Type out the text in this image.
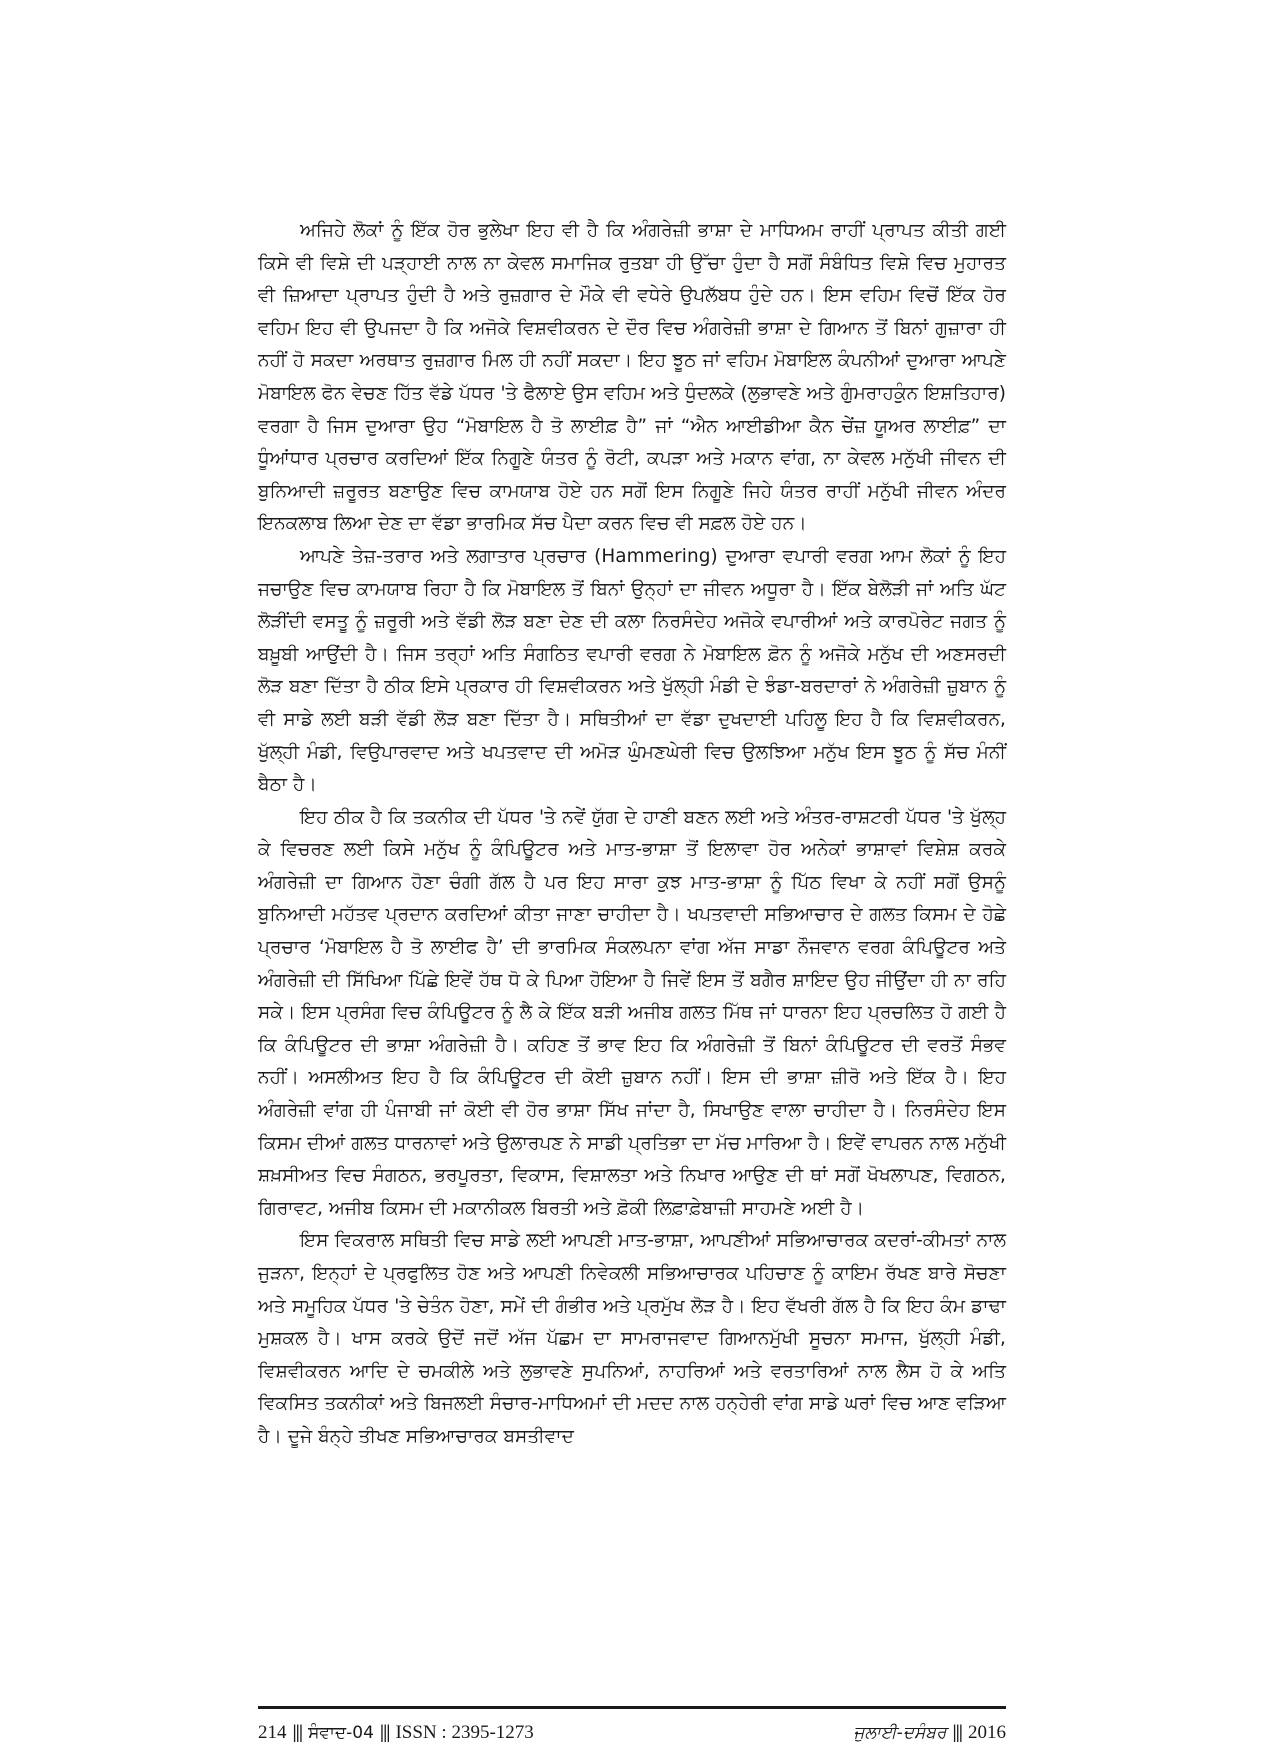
ਅਜਿਹੇ ਲੋਕਾਂ ਨੂੰ ਇੱਕ ਹੋਰ ਭੁਲੇਖਾ ਇਹ ਵੀ ਹੈ ਕਿ ਅੰਗਰੇਜ਼ੀ ਭਾਸ਼ਾ ਦੇ ਮਾਧਿਅਮ ਰਾਹੀਂ ਪ੍ਰਾਪਤ ਕੀਤੀ ਗਈ ਕਿਸੇ ਵੀ ਵਿਸ਼ੇ ਦੀ ਪੜ੍ਹਾਈ ਨਾਲ ਨਾ ਕੇਵਲ ਸਮਾਜਿਕ ਰੁਤਬਾ ਹੀ ਉੱਚਾ ਹੁੰਦਾ ਹੈ ਸਗੋਂ ਸੰਬੰਧਿਤ ਵਿਸ਼ੇ ਵਿਚ ਮੁਹਾਰਤ ਵੀ ਜ਼ਿਆਦਾ ਪ੍ਰਾਪਤ ਹੁੰਦੀ ਹੈ ਅਤੇ ਰੁਜ਼ਗਾਰ ਦੇ ਮੌਕੇ ਵੀ ਵਧੇਰੇ ਉਪਲੱਬਧ ਹੁੰਦੇ ਹਨ। ਇਸ ਵਹਿਮ ਵਿਚੋਂ ਇੱਕ ਹੋਰ ਵਹਿਮ ਇਹ ਵੀ ਉਪਜਦਾ ਹੈ ਕਿ ਅਜੋਕੇ ਵਿਸ਼ਵੀਕਰਨ ਦੇ ਦੌਰ ਵਿਚ ਅੰਗਰੇਜ਼ੀ ਭਾਸ਼ਾ ਦੇ ਗਿਆਨ ਤੋਂ ਬਿਨਾਂ ਗੁਜ਼ਾਰਾ ਹੀ ਨਹੀਂ ਹੋ ਸਕਦਾ ਅਰਥਾਤ ਰੁਜ਼ਗਾਰ ਮਿਲ ਹੀ ਨਹੀਂ ਸਕਦਾ। ਇਹ ਝੂਠ ਜਾਂ ਵਹਿਮ ਮੋਬਾਇਲ ਕੰਪਨੀਆਂ ਦੁਆਰਾ ਆਪਣੇ ਮੋਬਾਇਲ ਫੋਨ ਵੇਚਣ ਹਿੱਤ ਵੱਡੇ ਪੱਧਰ 'ਤੇ ਫੈਲਾਏ ਉਸ ਵਹਿਮ ਅਤੇ ਧੁੰਦਲਕੇ (ਲੁਭਾਵਣੇ ਅਤੇ ਗੁੰਮਰਾਹਕੁੰਨ ਇਸ਼ਤਿਹਾਰ) ਵਰਗਾ ਹੈ ਜਿਸ ਦੁਆਰਾ ਉਹ “ਮੋਬਾਇਲ ਹੈ ਤੋ ਲਾਈਫ਼ ਹੈ” ਜਾਂ “ਐਨ ਆਈਡੀਆ ਕੈਨ ਚੇਂਜ਼ ਯੂਅਰ ਲਾਈਫ਼” ਦਾ ਧੂੰਆਂਧਾਰ ਪ੍ਰਚਾਰ ਕਰਦਿਆਂ ਇੱਕ ਨਿਗੂਣੇ ਯੰਤਰ ਨੂੰ ਰੋਟੀ, ਕਪੜਾ ਅਤੇ ਮਕਾਨ ਵਾਂਗ, ਨਾ ਕੇਵਲ ਮਨੁੱਖੀ ਜੀਵਨ ਦੀ ਬੁਨਿਆਦੀ ਜ਼ਰੂਰਤ ਬਣਾਉਣ ਵਿਚ ਕਾਮਯਾਬ ਹੋਏ ਹਨ ਸਗੋਂ ਇਸ ਨਿਗੂਣੇ ਜਿਹੇ ਯੰਤਰ ਰਾਹੀਂ ਮਨੁੱਖੀ ਜੀਵਨ ਅੰਦਰ ਇਨਕਲਾਬ ਲਿਆ ਦੇਣ ਦਾ ਵੱਡਾ ਭਾਰਮਿਕ ਸੱਚ ਪੈਦਾ ਕਰਨ ਵਿਚ ਵੀ ਸਫ਼ਲ ਹੋਏ ਹਨ।

ਆਪਣੇ ਤੇਜ਼-ਤਰਾਰ ਅਤੇ ਲਗਾਤਾਰ ਪ੍ਰਚਾਰ (Hammering) ਦੁਆਰਾ ਵਪਾਰੀ ਵਰਗ ਆਮ ਲੋਕਾਂ ਨੂੰ ਇਹ ਜਚਾਉਣ ਵਿਚ ਕਾਮਯਾਬ ਰਿਹਾ ਹੈ ਕਿ ਮੋਬਾਇਲ ਤੋਂ ਬਿਨਾਂ ਉਨ੍ਹਾਂ ਦਾ ਜੀਵਨ ਅਧੂਰਾ ਹੈ। ਇੱਕ ਬੇਲੋੜੀ ਜਾਂ ਅਤਿ ਘੱਟ ਲੋੜੀਂਦੀ ਵਸਤੂ ਨੂੰ ਜ਼ਰੂਰੀ ਅਤੇ ਵੱਡੀ ਲੋੜ ਬਣਾ ਦੇਣ ਦੀ ਕਲਾ ਨਿਰਸੰਦੇਹ ਅਜੋਕੇ ਵਪਾਰੀਆਂ ਅਤੇ ਕਾਰਪੋਰੇਟ ਜਗਤ ਨੂੰ ਬਖ਼ੂਬੀ ਆਉਂਦੀ ਹੈ। ਜਿਸ ਤਰ੍ਹਾਂ ਅਤਿ ਸੰਗਠਿਤ ਵਪਾਰੀ ਵਰਗ ਨੇ ਮੋਬਾਇਲ ਫ਼ੋਨ ਨੂੰ ਅਜੋਕੇ ਮਨੁੱਖ ਦੀ ਅਣਸਰਦੀ ਲੋੜ ਬਣਾ ਦਿੱਤਾ ਹੈ ਠੀਕ ਇਸੇ ਪ੍ਰਕਾਰ ਹੀ ਵਿਸ਼ਵੀਕਰਨ ਅਤੇ ਖੁੱਲ੍ਹੀ ਮੰਡੀ ਦੇ ਝੰਡਾ-ਬਰਦਾਰਾਂ ਨੇ ਅੰਗਰੇਜ਼ੀ ਜ਼ੁਬਾਨ ਨੂੰ ਵੀ ਸਾਡੇ ਲਈ ਬੜੀ ਵੱਡੀ ਲੋੜ ਬਣਾ ਦਿੱਤਾ ਹੈ। ਸਥਿਤੀਆਂ ਦਾ ਵੱਡਾ ਦੁਖਦਾਈ ਪਹਿਲੂ ਇਹ ਹੈ ਕਿ ਵਿਸ਼ਵੀਕਰਨ, ਖੁੱਲ੍ਹੀ ਮੰਡੀ, ਵਿਉਪਾਰਵਾਦ ਅਤੇ ਖਪਤਵਾਦ ਦੀ ਅਮੋੜ ਘੁੰਮਣਘੇਰੀ ਵਿਚ ਉਲਝਿਆ ਮਨੁੱਖ ਇਸ ਝੂਠ ਨੂੰ ਸੱਚ ਮੰਨੀਂ ਬੈਠਾ ਹੈ।

ਇਹ ਠੀਕ ਹੈ ਕਿ ਤਕਨੀਕ ਦੀ ਪੱਧਰ 'ਤੇ ਨਵੇਂ ਯੁੱਗ ਦੇ ਹਾਣੀ ਬਣਨ ਲਈ ਅਤੇ ਅੰਤਰ-ਰਾਸ਼ਟਰੀ ਪੱਧਰ 'ਤੇ ਖੁੱਲ੍ਹ ਕੇ ਵਿਚਰਣ ਲਈ ਕਿਸੇ ਮਨੁੱਖ ਨੂੰ ਕੰਪਿਊਟਰ ਅਤੇ ਮਾਤ-ਭਾਸ਼ਾ ਤੋਂ ਇਲਾਵਾ ਹੋਰ ਅਨੇਕਾਂ ਭਾਸ਼ਾਵਾਂ ਵਿਸ਼ੇਸ਼ ਕਰਕੇ ਅੰਗਰੇਜ਼ੀ ਦਾ ਗਿਆਨ ਹੋਣਾ ਚੰਗੀ ਗੱਲ ਹੈ ਪਰ ਇਹ ਸਾਰਾ ਕੁਝ ਮਾਤ-ਭਾਸ਼ਾ ਨੂੰ ਪਿੱਠ ਵਿਖਾ ਕੇ ਨਹੀਂ ਸਗੋਂ ਉਸਨੂੰ ਬੁਨਿਆਦੀ ਮਹੱਤਵ ਪ੍ਰਦਾਨ ਕਰਦਿਆਂ ਕੀਤਾ ਜਾਣਾ ਚਾਹੀਦਾ ਹੈ। ਖਪਤਵਾਦੀ ਸਭਿਆਚਾਰ ਦੇ ਗਲਤ ਕਿਸਮ ਦੇ ਹੋਛੇ ਪ੍ਰਚਾਰ ‘ਮੋਬਾਇਲ ਹੈ ਤੋ ਲਾਈਫ ਹੈ’ ਦੀ ਭਾਰਮਿਕ ਸੰਕਲਪਨਾ ਵਾਂਗ ਅੱਜ ਸਾਡਾ ਨੌਜਵਾਨ ਵਰਗ ਕੰਪਿਊਟਰ ਅਤੇ ਅੰਗਰੇਜ਼ੀ ਦੀ ਸਿੱਖਿਆ ਪਿੱਛੇ ਇਵੇਂ ਹੱਥ ਧੋ ਕੇ ਪਿਆ ਹੋਇਆ ਹੈ ਜਿਵੇਂ ਇਸ ਤੋਂ ਬਗੈਰ ਸ਼ਾਇਦ ਉਹ ਜੀਉਂਦਾ ਹੀ ਨਾ ਰਹਿ ਸਕੇ। ਇਸ ਪ੍ਰਸੰਗ ਵਿਚ ਕੰਪਿਊਟਰ ਨੂੰ ਲੈ ਕੇ ਇੱਕ ਬੜੀ ਅਜੀਬ ਗਲਤ ਮਿੱਥ ਜਾਂ ਧਾਰਨਾ ਇਹ ਪ੍ਰਚਲਿਤ ਹੋ ਗਈ ਹੈ ਕਿ ਕੰਪਿਊਟਰ ਦੀ ਭਾਸ਼ਾ ਅੰਗਰੇਜ਼ੀ ਹੈ। ਕਹਿਣ ਤੋਂ ਭਾਵ ਇਹ ਕਿ ਅੰਗਰੇਜ਼ੀ ਤੋਂ ਬਿਨਾਂ ਕੰਪਿਊਟਰ ਦੀ ਵਰਤੋਂ ਸੰਭਵ ਨਹੀਂ। ਅਸਲੀਅਤ ਇਹ ਹੈ ਕਿ ਕੰਪਿਊਟਰ ਦੀ ਕੋਈ ਜ਼ੁਬਾਨ ਨਹੀਂ। ਇਸ ਦੀ ਭਾਸ਼ਾ ਜ਼ੀਰੋ ਅਤੇ ਇੱਕ ਹੈ। ਇਹ ਅੰਗਰੇਜ਼ੀ ਵਾਂਗ ਹੀ ਪੰਜਾਬੀ ਜਾਂ ਕੋਈ ਵੀ ਹੋਰ ਭਾਸ਼ਾ ਸਿੱਖ ਜਾਂਦਾ ਹੈ, ਸਿਖਾਉਣ ਵਾਲਾ ਚਾਹੀਦਾ ਹੈ। ਨਿਰਸੰਦੇਹ ਇਸ ਕਿਸਮ ਦੀਆਂ ਗਲਤ ਧਾਰਨਾਵਾਂ ਅਤੇ ਉਲਾਰਪਣ ਨੇ ਸਾਡੀ ਪ੍ਰਤਿਭਾ ਦਾ ਮੱਚ ਮਾਰਿਆ ਹੈ। ਇਵੇਂ ਵਾਪਰਨ ਨਾਲ ਮਨੁੱਖੀ ਸ਼ਖ਼ਸੀਅਤ ਵਿਚ ਸੰਗਠਨ, ਭਰਪੂਰਤਾ, ਵਿਕਾਸ, ਵਿਸ਼ਾਲਤਾ ਅਤੇ ਨਿਖਾਰ ਆਉਣ ਦੀ ਥਾਂ ਸਗੋਂ ਖੋਖਲਾਪਣ, ਵਿਗਠਨ, ਗਿਰਾਵਟ, ਅਜੀਬ ਕਿਸਮ ਦੀ ਮਕਾਨੀਕਲ ਬਿਰਤੀ ਅਤੇ ਫ਼ੋਕੀ ਲਿਫ਼ਾਫ਼ੇਬਾਜ਼ੀ ਸਾਹਮਣੇ ਅਈ ਹੈ।

ਇਸ ਵਿਕਰਾਲ ਸਥਿਤੀ ਵਿਚ ਸਾਡੇ ਲਈ ਆਪਣੀ ਮਾਤ-ਭਾਸ਼ਾ, ਆਪਣੀਆਂ ਸਭਿਆਚਾਰਕ ਕਦਰਾਂ-ਕੀਮਤਾਂ ਨਾਲ ਜੁੜਨਾ, ਇਨ੍ਹਾਂ ਦੇ ਪ੍ਰਫੁਲਿਤ ਹੋਣ ਅਤੇ ਆਪਣੀ ਨਿਵੇਕਲੀ ਸਭਿਆਚਾਰਕ ਪਹਿਚਾਣ ਨੂੰ ਕਾਇਮ ਰੱਖਣ ਬਾਰੇ ਸੋਚਣਾ ਅਤੇ ਸਮੂਹਿਕ ਪੱਧਰ 'ਤੇ ਚੇਤੰਨ ਹੋਣਾ, ਸਮੇਂ ਦੀ ਗੰਭੀਰ ਅਤੇ ਪ੍ਰਮੁੱਖ ਲੋੜ ਹੈ। ਇਹ ਵੱਖਰੀ ਗੱਲ ਹੈ ਕਿ ਇਹ ਕੰਮ ਡਾਢਾ ਮੁਸ਼ਕਲ ਹੈ। ਖਾਸ ਕਰਕੇ ਉਦੋਂ ਜਦੋਂ ਅੱਜ ਪੱਛਮ ਦਾ ਸਾਮਰਾਜਵਾਦ ਗਿਆਨਮੁੱਖੀ ਸੂਚਨਾ ਸਮਾਜ, ਖੁੱਲ੍ਹੀ ਮੰਡੀ, ਵਿਸ਼ਵੀਕਰਨ ਆਦਿ ਦੇ ਚਮਕੀਲੇ ਅਤੇ ਲੁਭਾਵਣੇ ਸੁਪਨਿਆਂ, ਨਾਹਰਿਆਂ ਅਤੇ ਵਰਤਾਰਿਆਂ ਨਾਲ ਲੈਸ ਹੋ ਕੇ ਅਤਿ ਵਿਕਸਿਤ ਤਕਨੀਕਾਂ ਅਤੇ ਬਿਜਲਈ ਸੰਚਾਰ-ਮਾਧਿਅਮਾਂ ਦੀ ਮਦਦ ਨਾਲ ਹਨ੍ਹੇਰੀ ਵਾਂਗ ਸਾਡੇ ਘਰਾਂ ਵਿਚ ਆਣ ਵੜਿਆ ਹੈ। ਦੂਜੇ ਬੰਨ੍ਹੇ ਤੀਖਣ ਸਭਿਆਚਾਰਕ ਬਸਤੀਵਾਦ

214 ||| ਸੰਵਾਦ-04 ||| ISSN : 2395-1273	ਜੁਲਾਈ-ਦਸੰਬਰ ||| 2016
